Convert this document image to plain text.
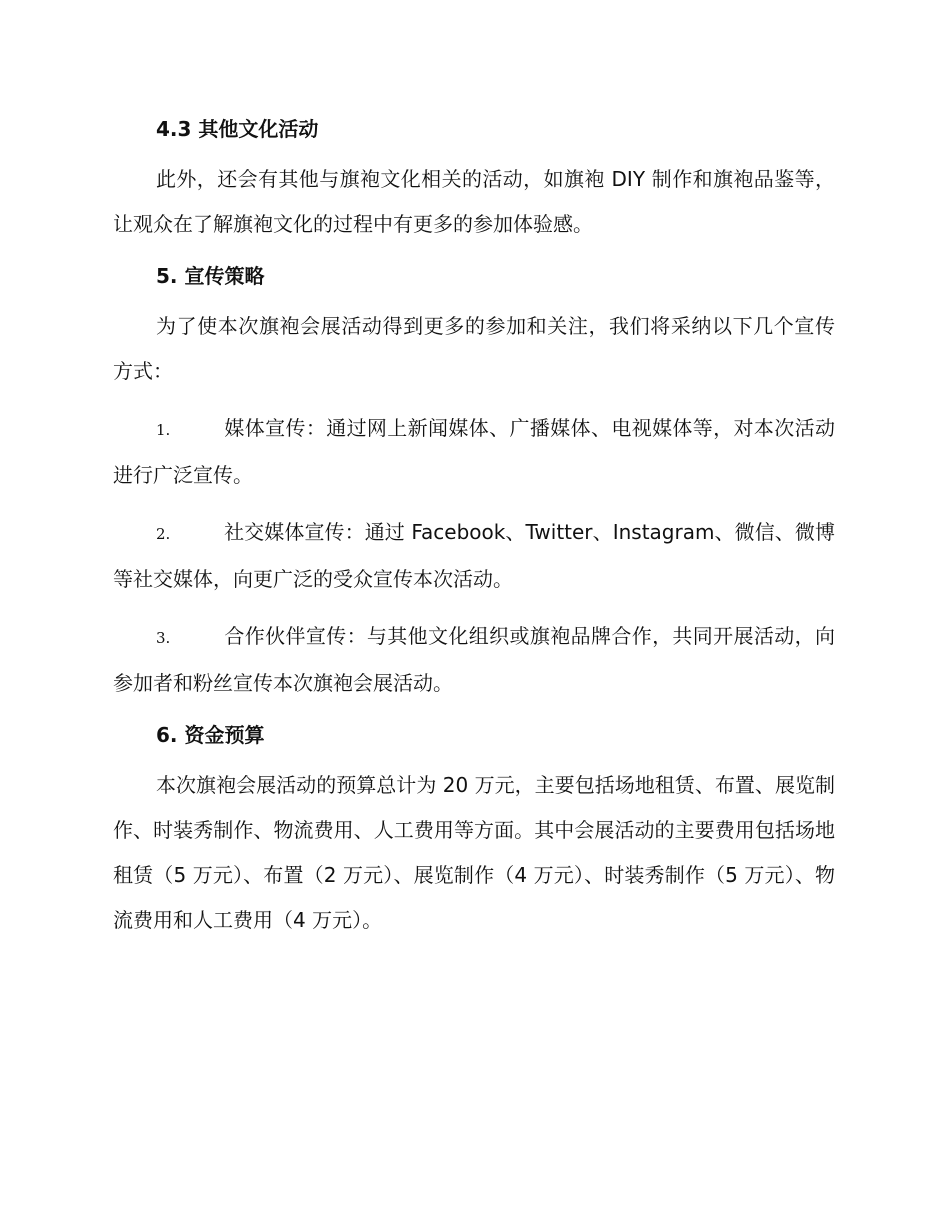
4.3 其他文化活动

此外，还会有其他与旗袍文化相关的活动，如旗袍 DIY 制作和旗袍品鉴等，让观众在了解旗袍文化的过程中有更多的参加体验感。

5. 宣传策略

为了使本次旗袍会展活动得到更多的参加和关注，我们将采纳以下几个宣传方式：

1.	媒体宣传：通过网上新闻媒体、广播媒体、电视媒体等，对本次活动进行广泛宣传。

2.	社交媒体宣传：通过 Facebook、Twitter、Instagram、微信、微博等社交媒体，向更广泛的受众宣传本次活动。

3.	合作伙伴宣传：与其他文化组织或旗袍品牌合作，共同开展活动，向参加者和粉丝宣传本次旗袍会展活动。

6. 资金预算

本次旗袍会展活动的预算总计为 20 万元，主要包括场地租赁、布置、展览制作、时装秀制作、物流费用、人工费用等方面。其中会展活动的主要费用包括场地租赁（5 万元）、布置（2 万元）、展览制作（4 万元）、时装秀制作（5 万元）、物流费用和人工费用（4 万元）。
